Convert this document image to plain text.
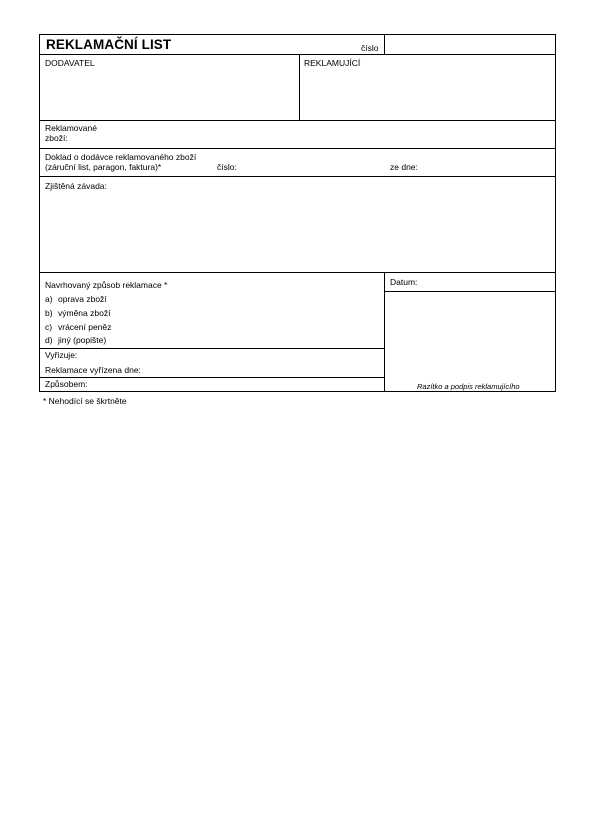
REKLAMAČNÍ LIST	číslo
DODAVATEL	REKLAMUJÍCÍ
Reklamované
zboží:
Doklad o dodávce reklamovaného zboží
(záruční list, paragon, faktura)*	číslo:	ze dne:
Zjištěná závada:
Navrhovaný způsob reklamace *
a) oprava zboží
b) výměna zboží
c) vrácení peněz
d) jiný (popište)
Vyřizuje:
Reklamace vyřízena dne:
Způsobem:
Datum:
Razítko a podpis reklamujícího
* Nehodící se škrtněte
